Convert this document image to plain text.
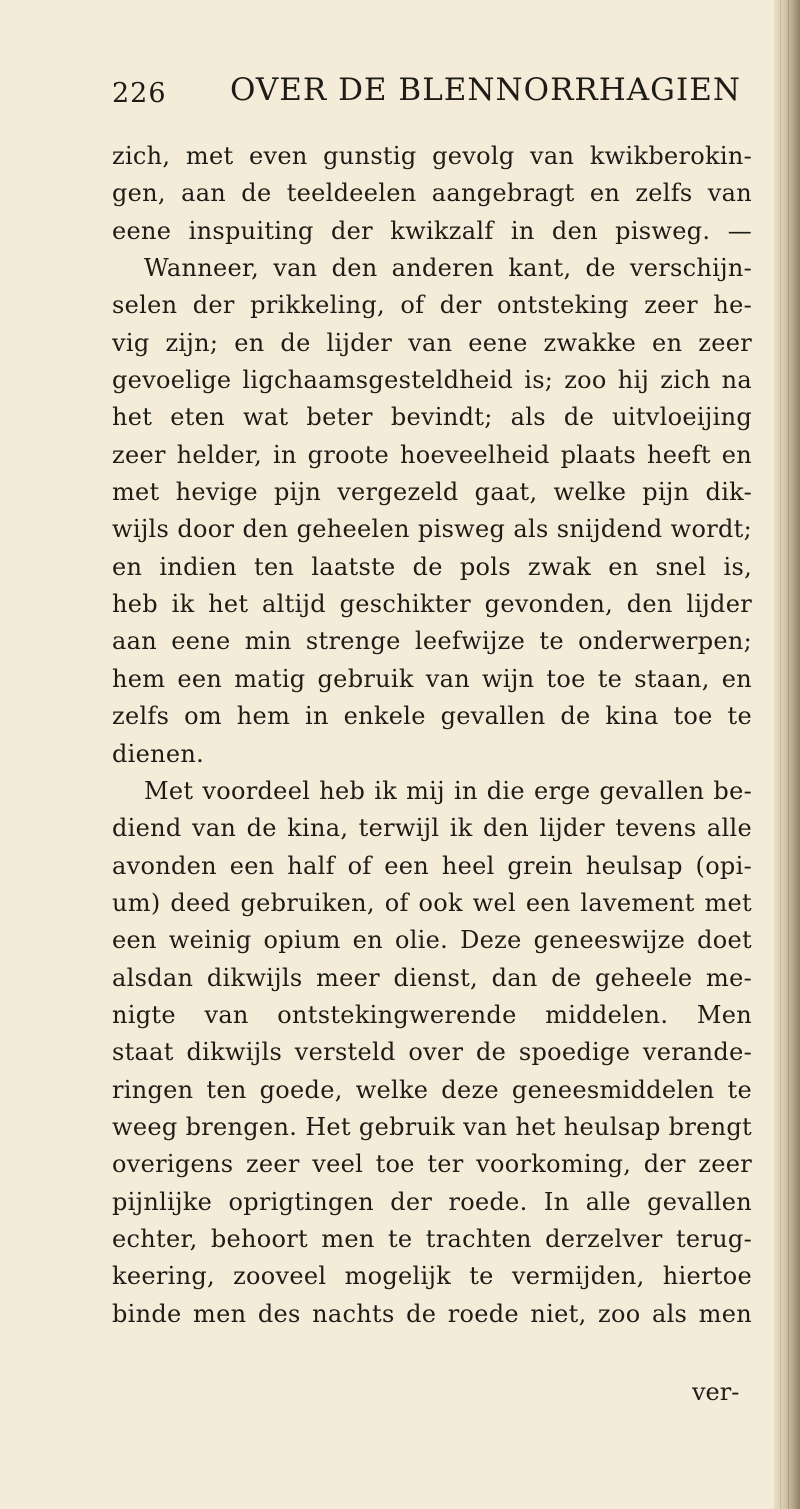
226 OVER DE BLENNORRHAGIEN
zich, met even gunstig gevolg van kwikberokin-
gen, aan de teeldeelen aangebragt en zelfs van
eene inspuiting der kwikzalf in den pisweg. —
Wanneer, van den anderen kant, de verschijn-
selen der prikkeling, of der ontsteking zeer he-
vig zijn; en de lijder van eene zwakke en zeer
gevoelige ligchaamsgesteldheid is; zoo hij zich na
het eten wat beter bevindt; als de uitvloeijing
zeer helder, in groote hoeveelheid plaats heeft en
met hevige pijn vergezeld gaat, welke pijn dik-
wijls door den geheelen pisweg als snijdend wordt;
en indien ten laatste de pols zwak en snel is,
heb ik het altijd geschikter gevonden, den lijder
aan eene min strenge leefwijze te onderwerpen;
hem een matig gebruik van wijn toe te staan, en
zelfs om hem in enkele gevallen de kina toe te
dienen.
Met voordeel heb ik mij in die erge gevallen be-
diend van de kina, terwijl ik den lijder tevens alle
avonden een half of een heel grein heulsap (opi-
um) deed gebruiken, of ook wel een lavement met
een weinig opium en olie. Deze geneeswijze doet
alsdan dikwijls meer dienst, dan de geheele me-
nigte van ontstekingwerende middelen. Men
staat dikwijls versteld over de spoedige verande-
ringen ten goede, welke deze geneesmiddelen te
weeg brengen. Het gebruik van het heulsap brengt
overigens zeer veel toe ter voorkoming, der zeer
pijnlijke oprigtingen der roede. In alle gevallen
echter, behoort men te trachten derzelver terug-
keering, zooveel mogelijk te vermijden, hiertoe
binde men des nachts de roede niet, zoo als men
ver-
